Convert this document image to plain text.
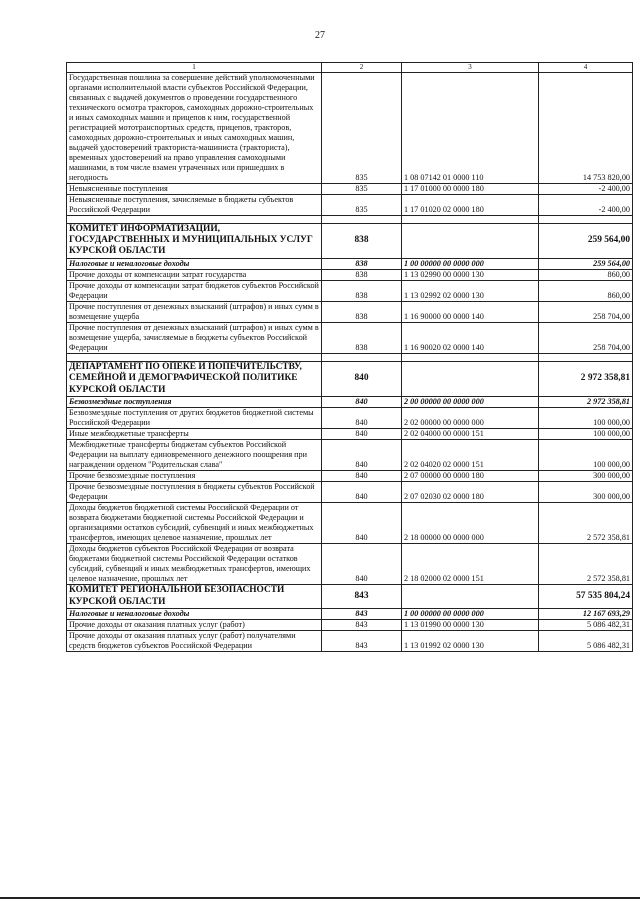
27
1	2	3	4
Государственная пошлина за совершение действий уполномоченными органами исполнительной власти субъектов Российской Федерации, связанных с выдачей документов о проведении государственного технического осмотра тракторов, самоходных дорожно-строительных и иных самоходных машин и прицепов к ним, государственной регистрацией мототранспортных средств, прицепов, тракторов, самоходных дорожно-строительных и иных самоходных машин, выдачей удостоверений тракториста-машиниста (тракториста), временных удостоверений на право управления самоходными машинами, в том числе взамен утраченных или пришедших в негодность	835	1 08 07142 01 0000 110	14 753 820,00
Невыясненные поступления	835	1 17 01000 00 0000 180	-2 400,00
Невыясненные поступления, зачисляемые в бюджеты субъектов Российской Федерации	835	1 17 01020 02 0000 180	-2 400,00

КОМИТЕТ ИНФОРМАТИЗАЦИИ, ГОСУДАРСТВЕННЫХ И МУНИЦИПАЛЬНЫХ УСЛУГ КУРСКОЙ ОБЛАСТИ	838		259 564,00
Налоговые и неналоговые доходы	838	1 00 00000 00 0000 000	259 564,00
Прочие доходы от компенсации затрат государства	838	1 13 02990 00 0000 130	860,00
Прочие доходы от компенсации затрат бюджетов субъектов Российской Федерации	838	1 13 02992 02 0000 130	860,00
Прочие поступления от денежных взысканий (штрафов) и иных сумм в возмещение ущерба	838	1 16 90000 00 0000 140	258 704,00
Прочие поступления от денежных взысканий (штрафов) и иных сумм в возмещение ущерба, зачисляемые в бюджеты субъектов Российской Федерации	838	1 16 90020 02 0000 140	258 704,00

ДЕПАРТАМЕНТ ПО ОПЕКЕ И ПОПЕЧИТЕЛЬСТВУ, СЕМЕЙНОЙ И ДЕМОГРАФИЧЕСКОЙ ПОЛИТИКЕ КУРСКОЙ ОБЛАСТИ	840		2 972 358,81
Безвозмездные поступления	840	2 00 00000 00 0000 000	2 972 358,81
Безвозмездные поступления от других бюджетов бюджетной системы Российской Федерации	840	2 02 00000 00 0000 000	100 000,00
Иные межбюджетные трансферты	840	2 02 04000 00 0000 151	100 000,00
Межбюджетные трансферты бюджетам субъектов Российской Федерации на выплату единовременного денежного поощрения при награждении орденом "Родительская слава"	840	2 02 04020 02 0000 151	100 000,00
Прочие безвозмездные поступления	840	2 07 00000 00 0000 180	300 000,00
Прочие безвозмездные поступления в бюджеты субъектов Российской Федерации	840	2 07 02030 02 0000 180	300 000,00
Доходы бюджетов бюджетной системы Российской Федерации от возврата бюджетами бюджетной системы Российской Федерации и организациями остатков субсидий, субвенций и иных межбюджетных трансфертов, имеющих целевое назначение, прошлых лет	840	2 18 00000 00 0000 000	2 572 358,81
Доходы бюджетов субъектов Российской Федерации от возврата бюджетами бюджетной системы Российской Федерации остатков субсидий, субвенций и иных межбюджетных трансфертов, имеющих целевое назначение, прошлых лет	840	2 18 02000 02 0000 151	2 572 358,81
КОМИТЕТ РЕГИОНАЛЬНОЙ БЕЗОПАСНОСТИ КУРСКОЙ ОБЛАСТИ	843		57 535 804,24
Налоговые и неналоговые доходы	843	1 00 00000 00 0000 000	12 167 693,29
Прочие доходы от оказания платных услуг (работ)	843	1 13 01990 00 0000 130	5 086 482,31
Прочие доходы от оказания платных услуг (работ) получателями средств бюджетов субъектов Российской Федерации	843	1 13 01992 02 0000 130	5 086 482,31
